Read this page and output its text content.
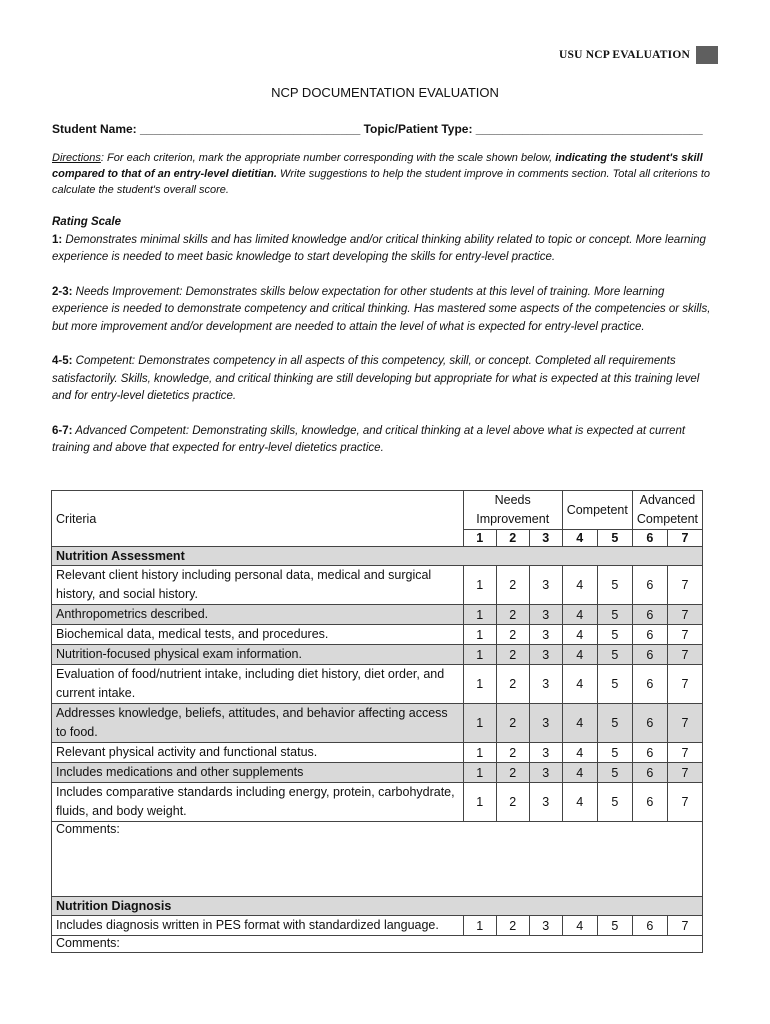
USU NCP EVALUATION
NCP DOCUMENTATION EVALUATION
Student Name: _________________________________ Topic/Patient Type: __________________________________
Directions: For each criterion, mark the appropriate number corresponding with the scale shown below, indicating the student's skill compared to that of an entry-level dietitian. Write suggestions to help the student improve in comments section. Total all criterions to calculate the student's overall score.
Rating Scale

1: Demonstrates minimal skills and has limited knowledge and/or critical thinking ability related to topic or concept. More learning experience is needed to meet basic knowledge to start developing the skills for entry-level practice.

2-3: Needs Improvement: Demonstrates skills below expectation for other students at this level of training. More learning experience is needed to demonstrate competency and critical thinking. Has mastered some aspects of the competencies or skills, but more improvement and/or development are needed to attain the level of what is expected for entry-level practice.

4-5: Competent: Demonstrates competency in all aspects of this competency, skill, or concept. Completed all requirements satisfactorily. Skills, knowledge, and critical thinking are still developing but appropriate for what is expected at this training level and for entry-level dietetics practice.

6-7: Advanced Competent: Demonstrating skills, knowledge, and critical thinking at a level above what is expected at current training and above that expected for entry-level dietetics practice.

Criteria	Needs Improvement			Competent		Advanced Competent	
	1	2	3	4	5	6	7
Nutrition Assessment							
Relevant client history including personal data, medical and surgical history, and social history.	1	2	3	4	5	6	7
Anthropometrics described.	1	2	3	4	5	6	7
Biochemical data, medical tests, and procedures.	1	2	3	4	5	6	7
Nutrition-focused physical exam information.	1	2	3	4	5	6	7
Evaluation of food/nutrient intake, including diet history, diet order, and current intake.	1	2	3	4	5	6	7
Addresses knowledge, beliefs, attitudes, and behavior affecting access to food.	1	2	3	4	5	6	7
Relevant physical activity and functional status.	1	2	3	4	5	6	7
Includes medications and other supplements	1	2	3	4	5	6	7
Includes comparative standards including energy, protein, carbohydrate, fluids, and body weight.	1	2	3	4	5	6	7
Comments:							
Nutrition Diagnosis							
Includes diagnosis written in PES format with standardized language.	1	2	3	4	5	6	7
Comments:							
